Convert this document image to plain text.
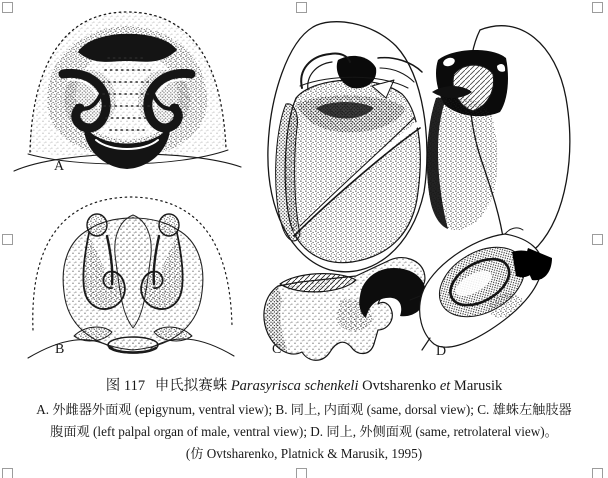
A
B	C	D
图 117 申氏拟赛蛛 Parasyrisca schenkeli Ovtsharenko et Marusik
A. 外雌器外面观 (epigynum, ventral view); B. 同上, 内面观 (same, dorsal view); C. 雄蛛左触肢器
腹面观 (left palpal organ of male, ventral view); D. 同上, 外侧面观 (same, retrolateral view)。
(仿 Ovtsharenko, Platnick & Marusik, 1995)
